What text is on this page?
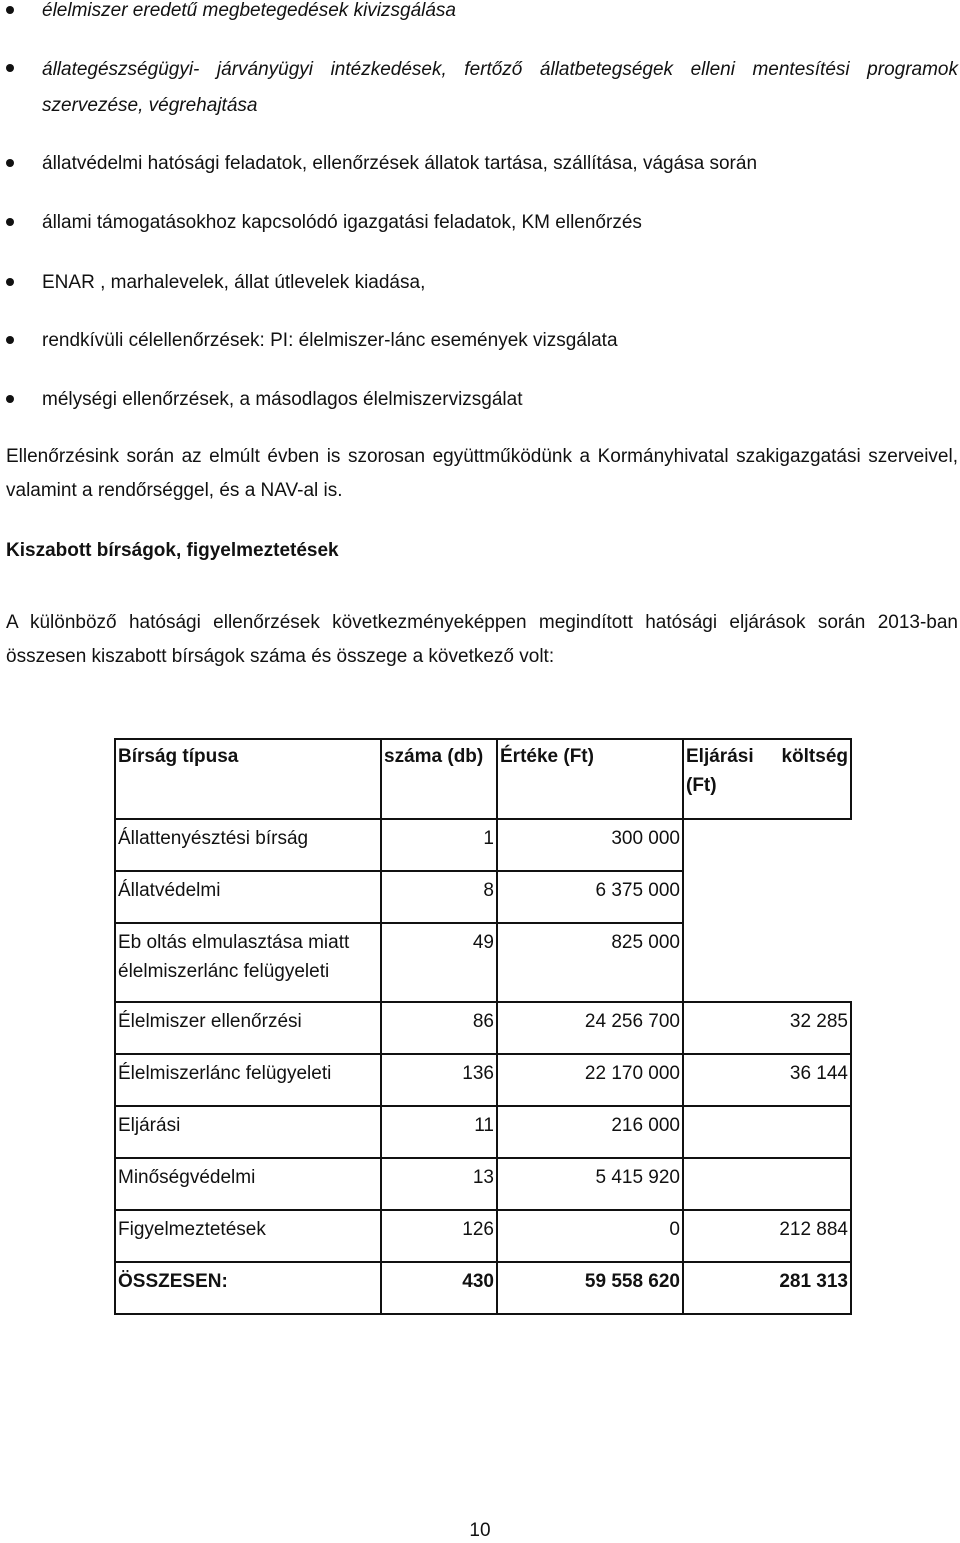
élelmiszer eredetű megbetegedések kivizsgálása
állategészségügyi- járványügyi intézkedések, fertőző állatbetegségek elleni mentesítési programok szervezése, végrehajtása
állatvédelmi hatósági feladatok, ellenőrzések állatok tartása, szállítása, vágása során
állami támogatásokhoz kapcsolódó igazgatási feladatok, KM ellenőrzés
ENAR , marhalevelek, állat útlevelek kiadása,
rendkívüli célellenőrzések: PI: élelmiszer-lánc események vizsgálata
mélységi ellenőrzések, a másodlagos élelmiszervizsgálat
Ellenőrzésink során az elmúlt évben is szorosan együttműködünk a Kormányhivatal szakigazgatási szerveivel, valamint a rendőrséggel, és a NAV-al is.
Kiszabott bírságok, figyelmeztetések
A különböző hatósági ellenőrzések következményeképpen megindított hatósági eljárások során 2013-ban összesen kiszabott bírságok száma és összege a következő volt:
Bírság típusa	száma (db)	Értéke (Ft)	Eljárási költség (Ft)
Állattenyésztési bírság	1	300 000	
Állatvédelmi	8	6 375 000	
Eb oltás elmulasztása miatt élelmiszerlánc felügyeleti	49	825 000	
Élelmiszer ellenőrzési	86	24 256 700	32 285
Élelmiszerlánc felügyeleti	136	22 170 000	36 144
Eljárási	11	216 000	
Minőségvédelmi	13	5 415 920	
Figyelmeztetések	126	0	212 884
ÖSSZESEN:	430	59 558 620	281 313
10
